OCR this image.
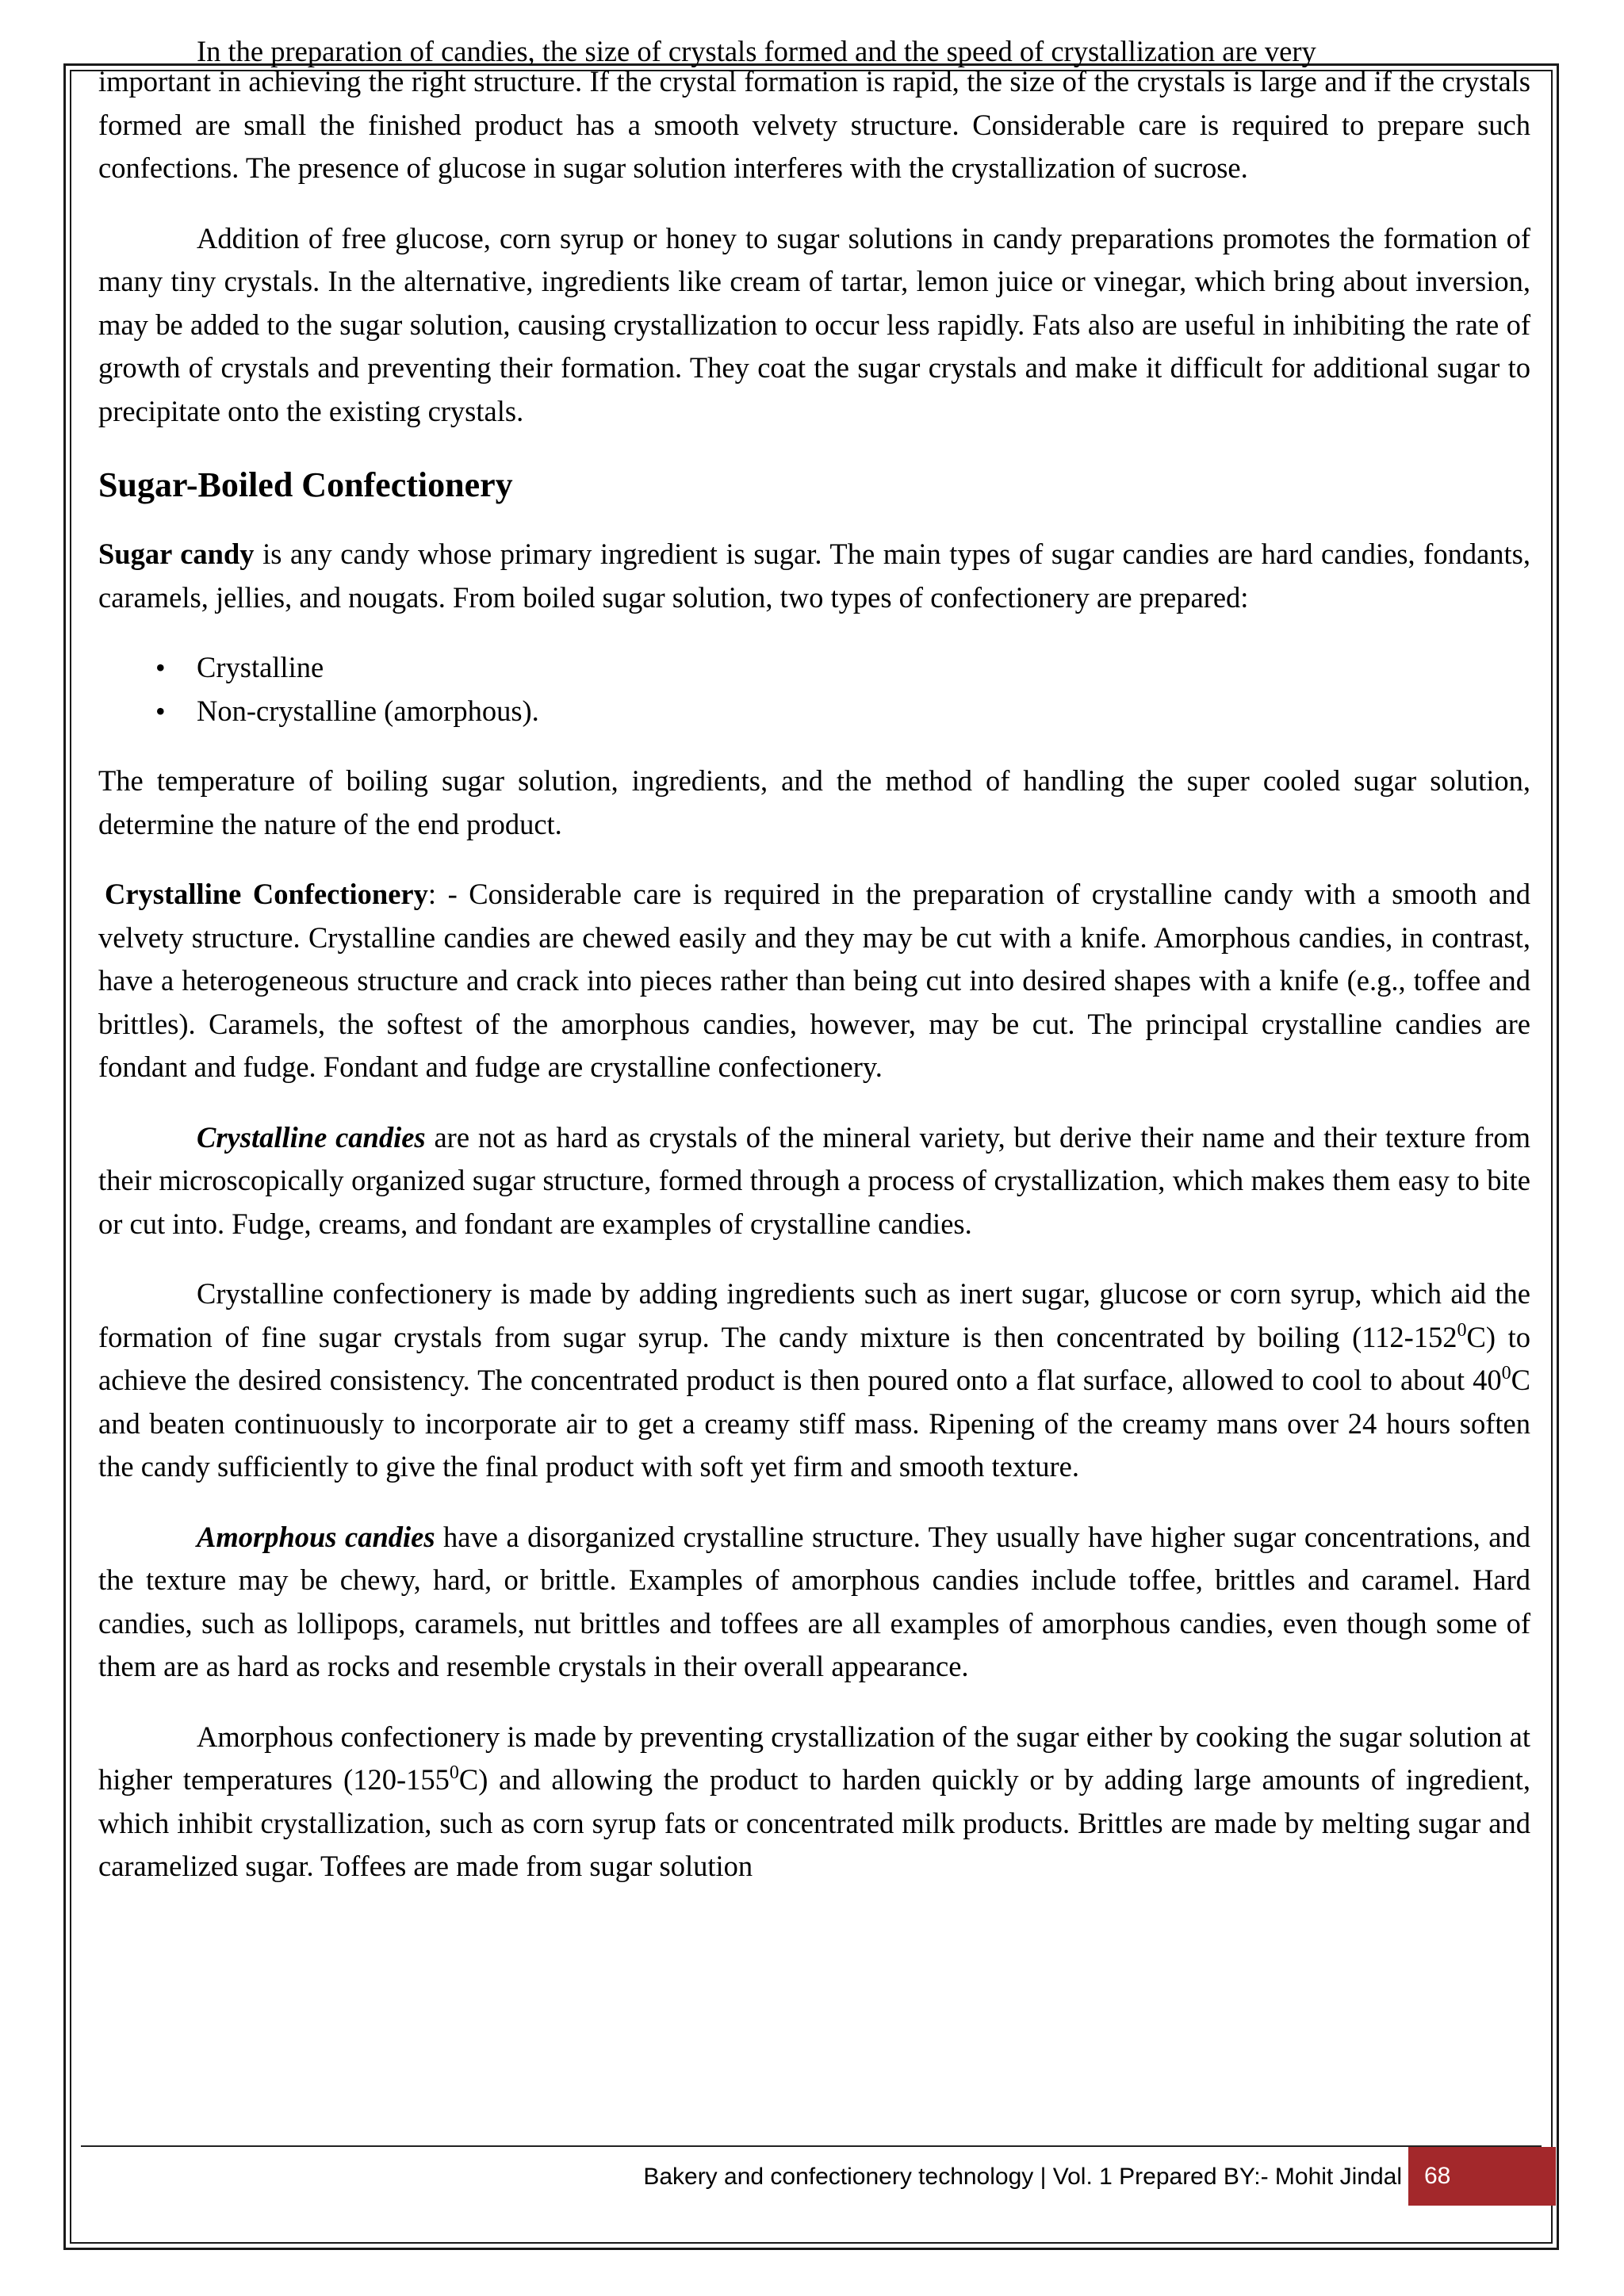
In the preparation of candies, the size of crystals formed and the speed of crystallization are very

important in achieving the right structure. If the crystal formation is rapid, the size of the crystals is large and if the crystals formed are small the finished product has a smooth velvety structure. Considerable care is required to prepare such confections. The presence of glucose in sugar solution interferes with the crystallization of sucrose.

Addition of free glucose, corn syrup or honey to sugar solutions in candy preparations promotes the formation of many tiny crystals. In the alternative, ingredients like cream of tartar, lemon juice or vinegar, which bring about inversion, may be added to the sugar solution, causing crystallization to occur less rapidly. Fats also are useful in inhibiting the rate of growth of crystals and preventing their formation. They coat the sugar crystals and make it difficult for additional sugar to precipitate onto the existing crystals.

Sugar-Boiled Confectionery

Sugar candy is any candy whose primary ingredient is sugar. The main types of sugar candies are hard candies, fondants, caramels, jellies, and nougats. From boiled sugar solution, two types of confectionery are prepared:

• Crystalline
• Non-crystalline (amorphous).

The temperature of boiling sugar solution, ingredients, and the method of handling the super cooled sugar solution, determine the nature of the end product.

Crystalline Confectionery: - Considerable care is required in the preparation of crystalline candy with a smooth and velvety structure. Crystalline candies are chewed easily and they may be cut with a knife. Amorphous candies, in contrast, have a heterogeneous structure and crack into pieces rather than being cut into desired shapes with a knife (e.g., toffee and brittles). Caramels, the softest of the amorphous candies, however, may be cut. The principal crystalline candies are fondant and fudge. Fondant and fudge are crystalline confectionery.

Crystalline candies are not as hard as crystals of the mineral variety, but derive their name and their texture from their microscopically organized sugar structure, formed through a process of crystallization, which makes them easy to bite or cut into. Fudge, creams, and fondant are examples of crystalline candies.

Crystalline confectionery is made by adding ingredients such as inert sugar, glucose or corn syrup, which aid the formation of fine sugar crystals from sugar syrup. The candy mixture is then concentrated by boiling $(112-152^0C)$ to achieve the desired consistency. The concentrated product is then poured onto a flat surface, allowed to cool to about $40^0C$ and beaten continuously to incorporate air to get a creamy stiff mass. Ripening of the creamy mans over 24 hours soften the candy sufficiently to give the final product with soft yet firm and smooth texture.

Amorphous candies have a disorganized crystalline structure. They usually have higher sugar concentrations, and the texture may be chewy, hard, or brittle. Examples of amorphous candies include toffee, brittles and caramel. Hard candies, such as lollipops, caramels, nut brittles and toffees are all examples of amorphous candies, even though some of them are as hard as rocks and resemble crystals in their overall appearance.

Amorphous confectionery is made by preventing crystallization of the sugar either by cooking the sugar solution at higher temperatures $(120-155^0C)$ and allowing the product to harden quickly or by adding large amounts of ingredient, which inhibit crystallization, such as corn syrup fats or concentrated milk products. Brittles are made by melting sugar and caramelized sugar. Toffees are made from sugar solution

Bakery and confectionery technology | Vol. 1 Prepared BY:- Mohit Jindal 68
